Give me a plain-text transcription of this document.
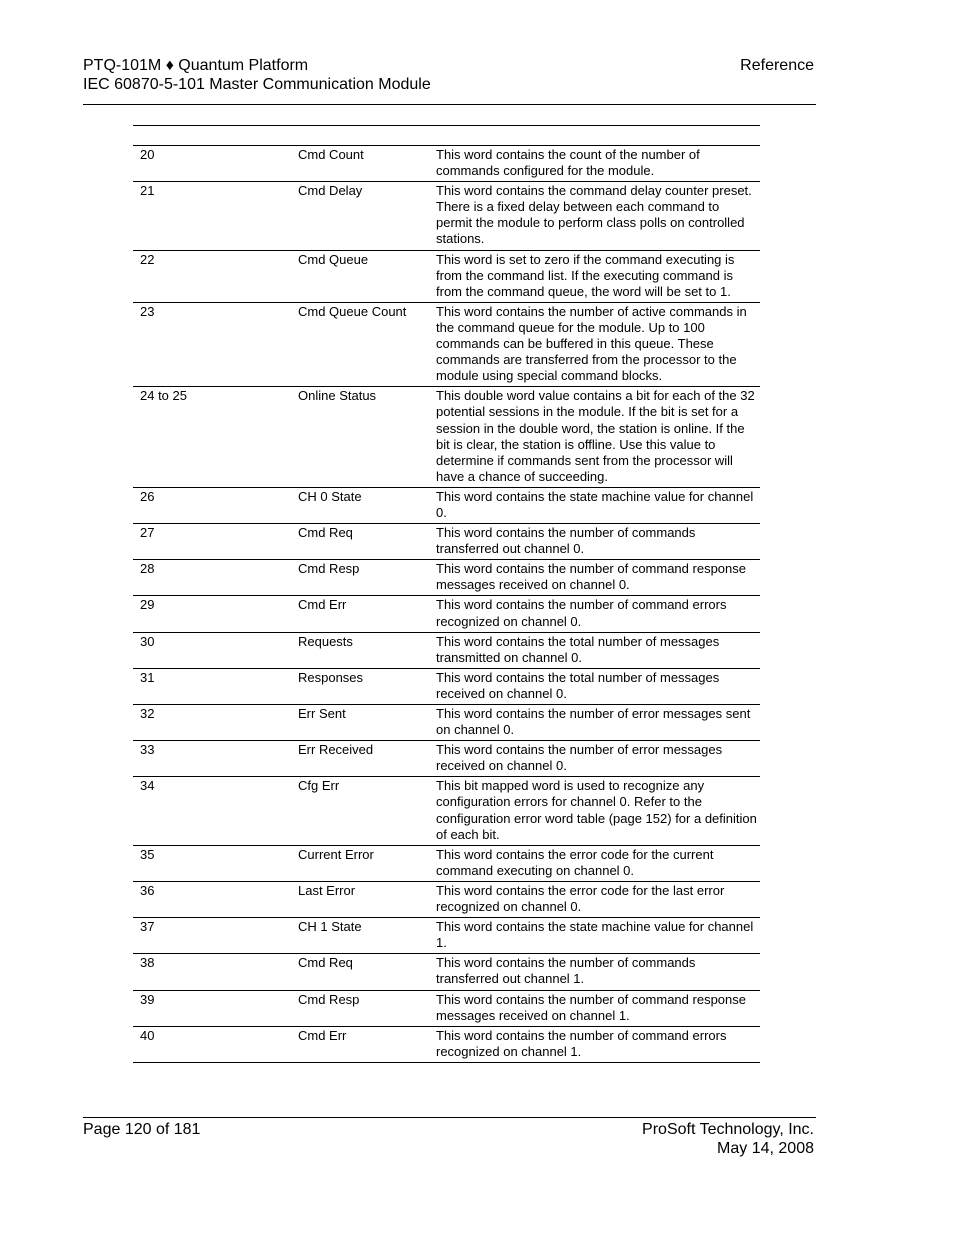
PTQ-101M ♦ Quantum Platform
IEC 60870-5-101 Master Communication Module
Reference

20	Cmd Count	This word contains the count of the number of commands configured for the module.
21	Cmd Delay	This word contains the command delay counter preset. There is a fixed delay between each command to permit the module to perform class polls on controlled stations.
22	Cmd Queue	This word is set to zero if the command executing is from the command list. If the executing command is from the command queue, the word will be set to 1.
23	Cmd Queue Count	This word contains the number of active commands in the command queue for the module. Up to 100 commands can be buffered in this queue. These commands are transferred from the processor to the module using special command blocks.
24 to 25	Online Status	This double word value contains a bit for each of the 32 potential sessions in the module. If the bit is set for a session in the double word, the station is online. If the bit is clear, the station is offline. Use this value to determine if commands sent from the processor will have a chance of succeeding.
26	CH 0 State	This word contains the state machine value for channel 0.
27	Cmd Req	This word contains the number of commands transferred out channel 0.
28	Cmd Resp	This word contains the number of command response messages received on channel 0.
29	Cmd Err	This word contains the number of command errors recognized on channel 0.
30	Requests	This word contains the total number of messages transmitted on channel 0.
31	Responses	This word contains the total number of messages received on channel 0.
32	Err Sent	This word contains the number of error messages sent on channel 0.
33	Err Received	This word contains the number of error messages received on channel 0.
34	Cfg Err	This bit mapped word is used to recognize any configuration errors for channel 0. Refer to the configuration error word table (page 152) for a definition of each bit.
35	Current Error	This word contains the error code for the current command executing on channel 0.
36	Last Error	This word contains the error code for the last error recognized on channel 0.
37	CH 1 State	This word contains the state machine value for channel 1.
38	Cmd Req	This word contains the number of commands transferred out channel 1.
39	Cmd Resp	This word contains the number of command response messages received on channel 1.
40	Cmd Err	This word contains the number of command errors recognized on channel 1.
Page 120 of 181	ProSoft Technology, Inc.
May 14, 2008
